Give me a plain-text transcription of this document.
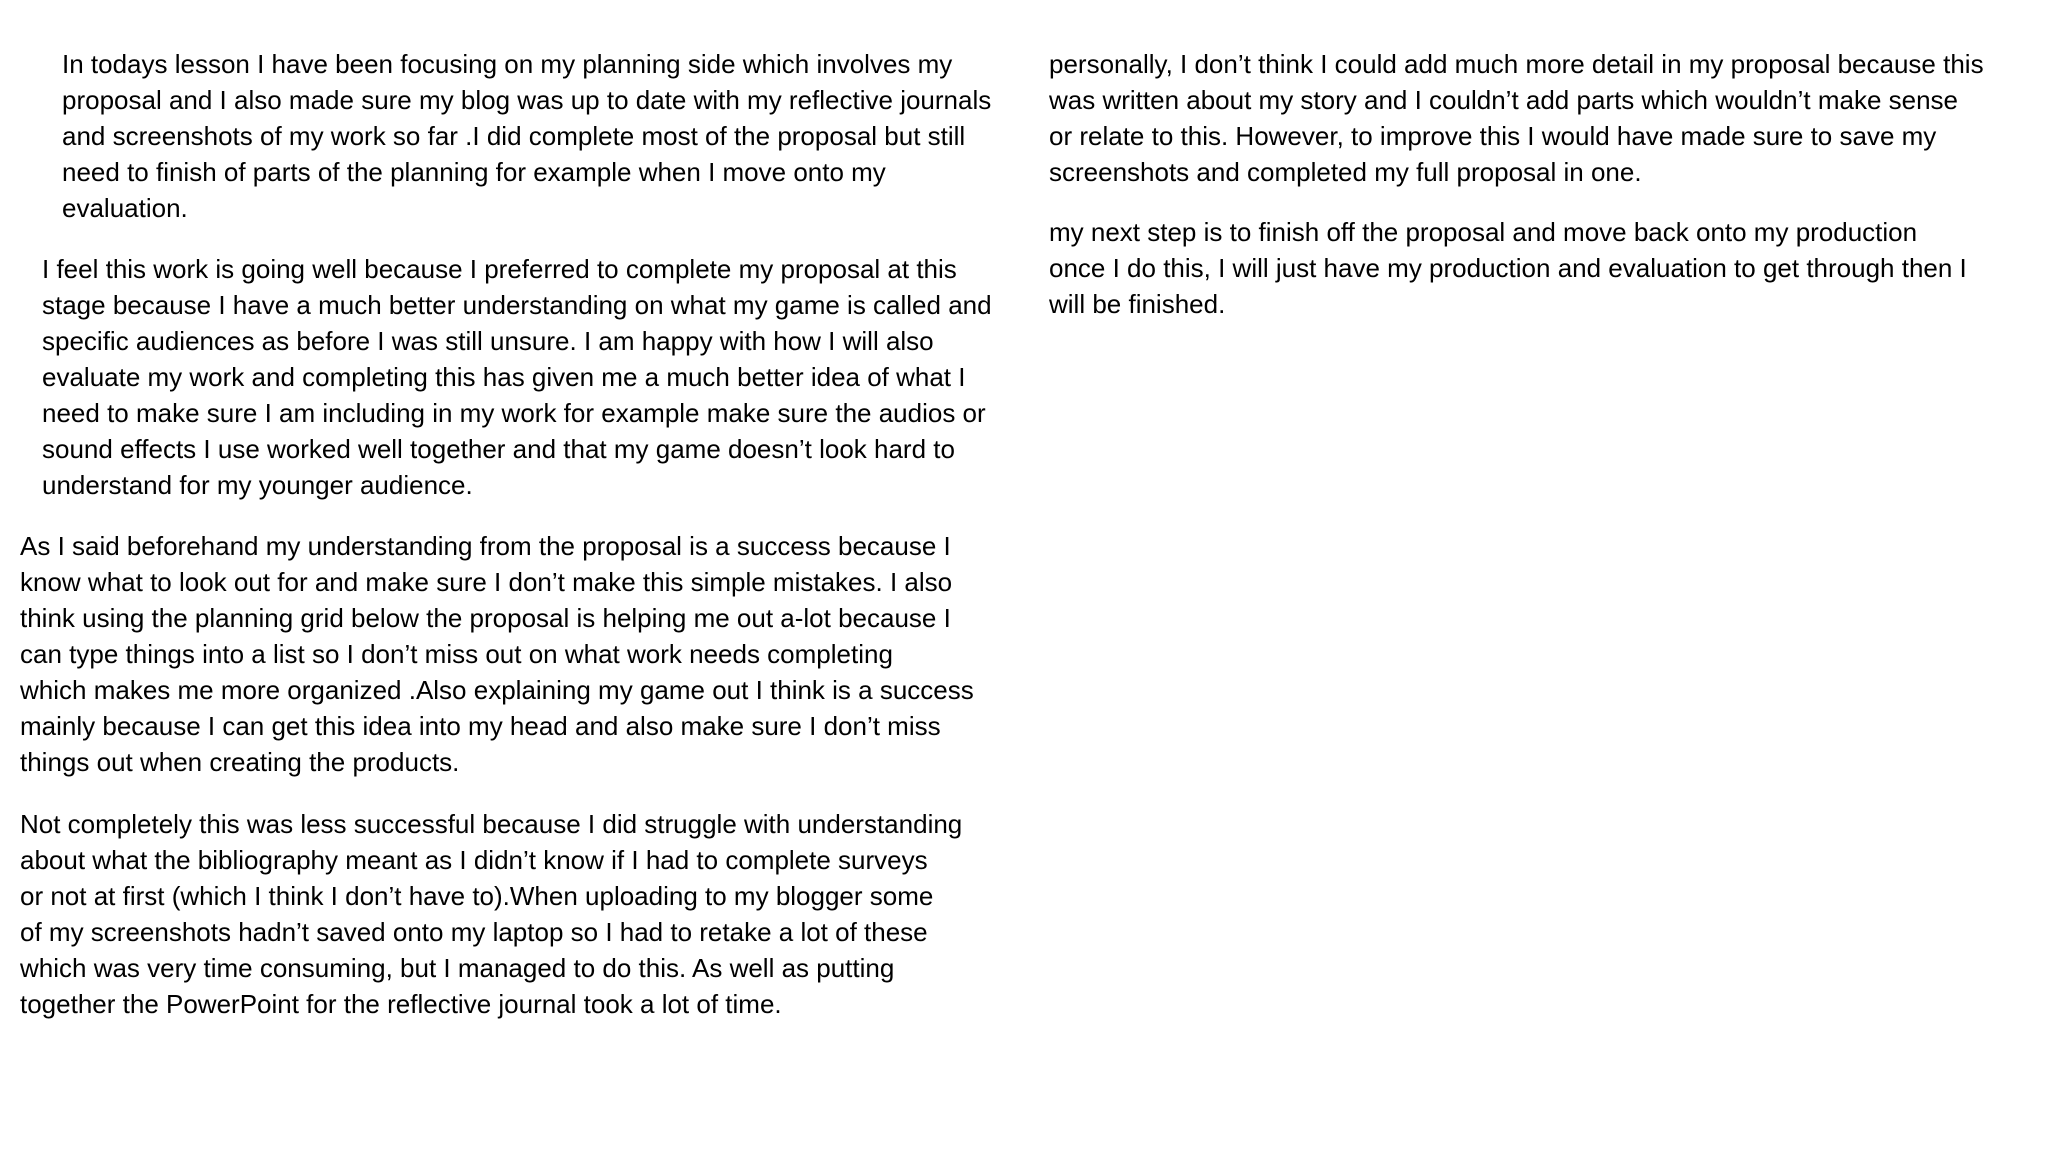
In todays lesson I have been focusing on my planning side which involves my
proposal and I also made sure my blog was up to date with my reflective journals
and screenshots of my work so far .I did complete most of the proposal but still
need to finish of parts of the planning for example when I move onto my
evaluation.

I feel this work is going well because I preferred to complete my proposal at this
stage because I have a much better understanding on what my game is called and
specific audiences as before I was still unsure. I am happy with how I will also
evaluate my work and completing this has given me a much better idea of what I
need to make sure I am including in my work for example make sure the audios or
sound effects I use worked well together and that my game doesn’t look hard to
understand for my younger audience.

As I said beforehand my understanding from the proposal is a success because I
know what to look out for and make sure I don’t make this simple mistakes. I also
think using the planning grid below the proposal is helping me out a-lot because I
can type things into a list so I don’t miss out on what work needs completing
which makes me more organized .Also explaining my game out I think is a success
mainly because I can get this idea into my head and also make sure I don’t miss
things out when creating the products.

Not completely this was less successful because I did struggle with understanding
about what the bibliography meant as I didn’t know if I had to complete surveys
or not at first (which I think I don’t have to).When uploading to my blogger some
of my screenshots hadn’t saved onto my laptop so I had to retake a lot of these
which was very time consuming, but I managed to do this. As well as putting
together the PowerPoint for the reflective journal took a lot of time.

personally, I don’t think I could add much more detail in my proposal because this
was written about my story and I couldn’t add parts which wouldn’t make sense
or relate to this. However, to improve this I would have made sure to save my
screenshots and completed my full proposal in one.

my next step is to finish off the proposal and move back onto my production
once I do this, I will just have my production and evaluation to get through then I
will be finished.
